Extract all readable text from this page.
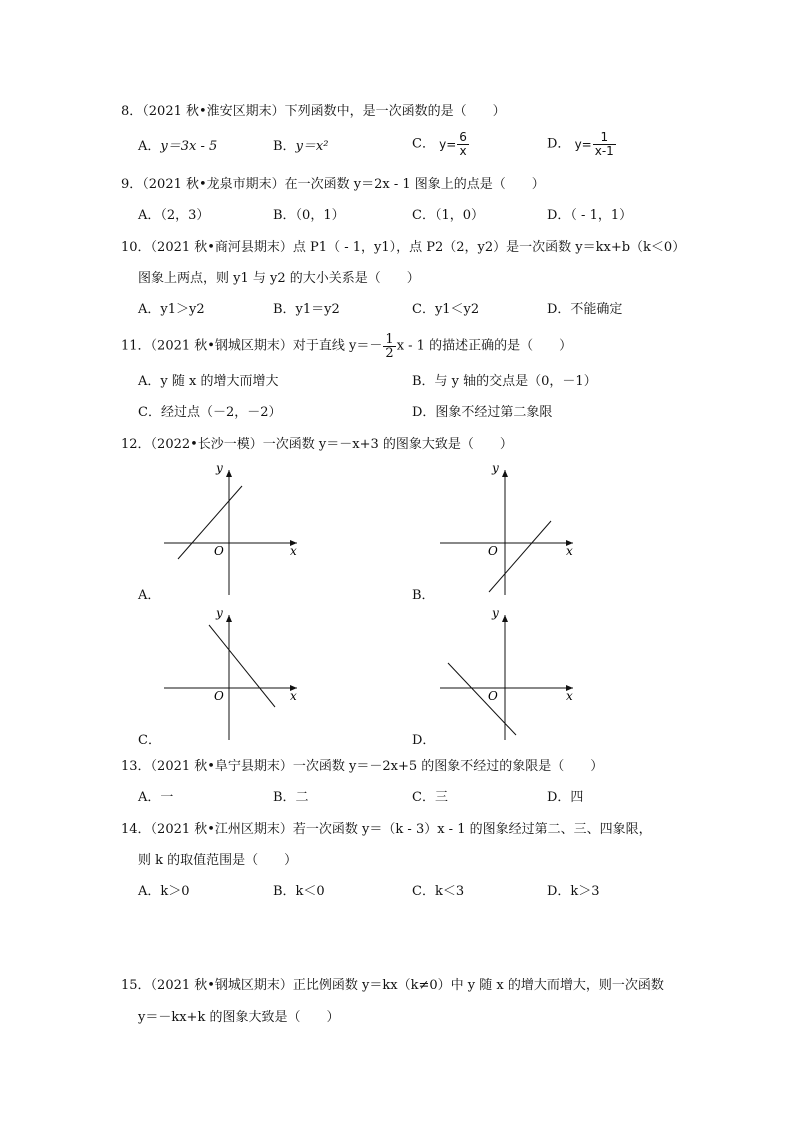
8．（2021 秋•淮安区期末）下列函数中，是一次函数的是（　　）
A．y＝3x - 5	B．y＝x²	C． $y= \frac{6}{x}$	D． $y= \frac{1}{x-1}$
9．（2021 秋•龙泉市期末）在一次函数 y＝2x - 1 图象上的点是（　　）
A．（2，3）	B．（0，1）	C．（1，0）	D．（ - 1，1）
10．（2021 秋•商河县期末）点 P1（ - 1，y1），点 P2（2，y2）是一次函数 y＝kx+b（k＜0）
图象上两点，则 y1 与 y2 的大小关系是（　　）
A．y1＞y2	B．y1＝y2	C．y1＜y2	D．不能确定
11．（2021 秋•钢城区期末）对于直线 $y=- \frac{1}{2}$ x - 1 的描述正确的是（　　）
A．y 随 x 的增大而增大	B．与 y 轴的交点是（0，－1）
C．经过点（－2，－2）	D．图象不经过第二象限
12．（2022•长沙一模）一次函数 y＝－x+3 的图象大致是（　　）
x
y
O
A．
x
y
O
B．
x
y
O
C．
x
y
O
D．
13．（2021 秋•阜宁县期末）一次函数 y＝－2x+5 的图象不经过的象限是（　　）
A．一	B．二	C．三	D．四
14．（2021 秋•江州区期末）若一次函数 y＝（k - 3）x - 1 的图象经过第二、三、四象限，
则 k 的取值范围是（　　）
A．k＞0	B．k＜0	C．k＜3	D．k＞3
15．（2021 秋•钢城区期末）正比例函数 y＝kx（k≠0）中 y 随 x 的增大而增大，则一次函数
y＝－kx+k 的图象大致是（　　）
